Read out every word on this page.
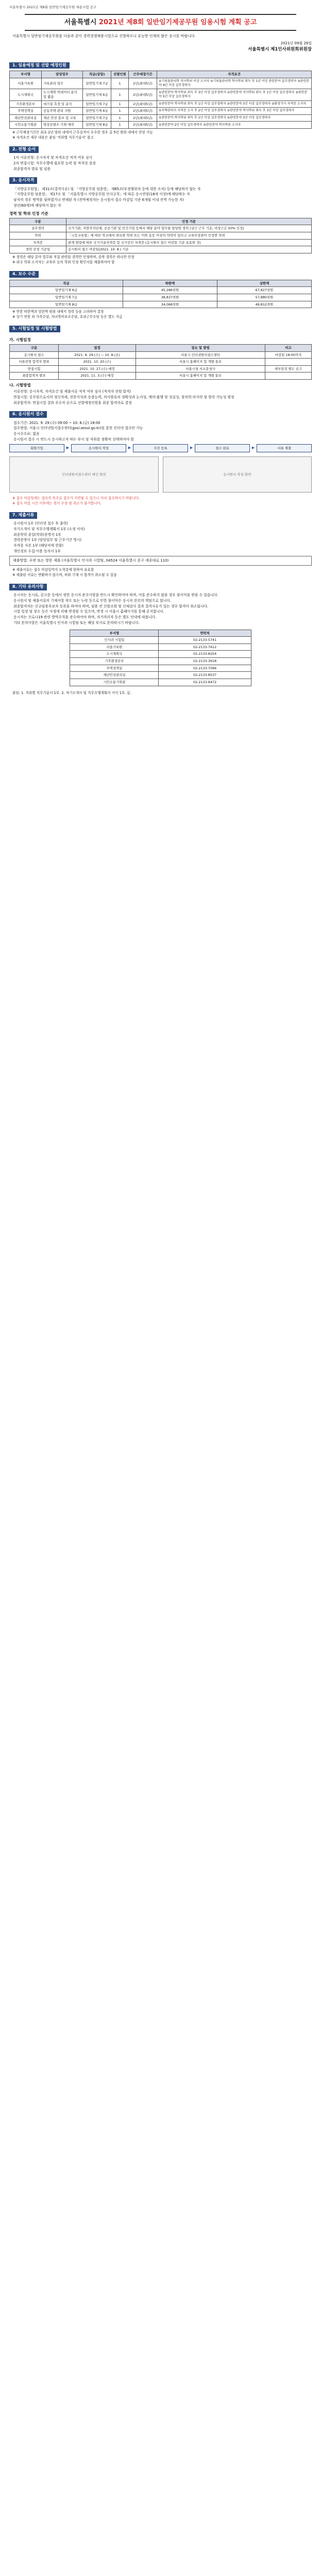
서울특별시 2021년 제8회 일반임기제공무원 채용시험 공고
서울특별시 2021년 제8회 일반임기제공무원 임용시험 계획 공고

서울특별시 일반임기제공무원을 다음과 같이 경력경쟁채용시험으로 선발하오니 유능한 인재의 많은 응시를 바랍니다.

2021년 09월 29일
서울특별시 제1인사위원회위원장
1. 임용예정 및 선발 예정인원
부서명	담당업무	직급(상당)	선발인원	근무예정기간	자격요건
서울기록원	기록관리 업무	일반임기제 7급	1	2년(최대5년)	①기록물관리학 석사학위 이상 소지자 ②기록물관리학 학사학위 취득 후 1년 이상 관련분야 실무경력자 ③관련분야 4년 이상 실무경력자
도시계획국	도시계획 빅데이터 분석 및 활용	일반임기제 6급	1	2년(최대5년)	①관련분야 학사학위 취득 후 3년 이상 실무경력자 ②관련분야 석사학위 취득 후 1년 이상 실무경력자 ③관련분야 5년 이상 실무경력자
기후환경본부	대기질 측정 및 분석	일반임기제 7급	1	2년(최대5년)	①관련분야 학사학위 취득 후 1년 이상 실무경력자 ②관련분야 3년 이상 실무경력자 ③환경기사 자격증 소지자
주택정책실	공동주택 관리 지원	일반임기제 6급	1	2년(최대5년)	①주택관리사 자격증 소지 후 2년 이상 실무경력자 ②관련분야 학사학위 취득 후 3년 이상 실무경력자
재난안전관리실	재난 안전 홍보 및 교육	일반임기제 7급	1	2년(최대5년)	①관련분야 학사학위 취득 후 1년 이상 실무경력자 ②관련분야 3년 이상 실무경력자
시민소통기획관	영상콘텐츠 기획·제작	일반임기제 8급	1	2년(최대5년)	①관련분야 2년 이상 실무경력자 ②관련분야 학사학위 소지자

※ 근무예정기간은 최초 2년 범위 내에서 근무실적이 우수한 경우 총 5년 범위 내에서 연장 가능

※ 자격요건 세부 내용은 붙임 '직위별 직무기술서' 참고

2. 전형 순서

1차 서류전형: 응시자격 및 자격요건 적격 여부 심사

2차 면접시험: 직무수행에 필요한 능력 및 적격성 검정

최종합격자 발표 및 임용

3. 응시자격

「지방공무원법」 제31조(결격사유) 및 「지방공무원 임용령」 제65조(부정행위자 등에 대한 조치) 등에 해당하지 않는 자

「지방공무원 임용령」 제17조 및 「서울특별시 지방공무원 인사규칙」에 따른 응시연령(18세 이상)에 해당하는 자

남자의 경우 병역을 필하였거나 면제된 자 (전역예정자는 응시원서 접수 마감일 기준 6개월 이내 전역 가능한 자)

정년(60세)에 해당하지 않는 자

경력 및 학위 인정 기준
구분	인정 기준
실무경력	국가기관, 지방자치단체, 공공기관 및 민간기업 등에서 해당 분야 업무를 담당한 경력 (상근 근무 기준, 비상근은 50% 인정)
학위	「고등교육법」에 따른 학교에서 취득한 학위 또는 이와 동등 이상의 학력이 있다고 교육부장관이 인정한 학위
자격증	관계 법령에 따른 국가기술자격증 및 국가공인 자격증 (응시원서 접수 마감일 기준 유효한 것)
경력 산정 기준일	응시원서 접수 마감일(2021. 10. 8.) 기준

※ 경력은 해당 분야 업무와 직접 관련된 경력만 인정하며, 중복 경력은 하나만 인정

※ 외국 학위 소지자는 교육부 등의 학위 인정 확인서를 제출하여야 함

4. 보수 수준
직급	하한액	상한액
일반임기제 6급	45,286천원	67,827천원
일반임기제 7급	38,837천원	57,880천원
일반임기제 8급	34,066천원	49,812천원

※ 연봉 하한액과 상한액 범위 내에서 경력 등을 고려하여 결정

※ 상기 연봉 외 가족수당, 자녀학비보조수당, 초과근무수당 등은 별도 지급

5. 시험일정 및 시험방법
가. 시험일정
구분	일정	장소 및 방법	비고
응시원서 접수	2021. 9. 29.(수) ~ 10. 8.(금)	서울시 인터넷원서접수센터	마감일 18:00까지
서류전형 합격자 발표	2021. 10. 20.(수)	서울시 홈페이지 및 개별 통보	
면접시험	2021. 10. 27.(수) 예정	서울시청 서소문청사	세부일정 별도 공고
최종합격자 발표	2021. 11. 3.(수) 예정	서울시 홈페이지 및 개별 통보	
나. 시험방법

서류전형: 응시자격, 자격요건 및 제출서류 적격 여부 심사 (적격자 전원 합격)

면접시험: 공무원으로서의 정신자세, 전문지식과 응용능력, 의사발표의 정확성과 논리성, 예의·품행 및 성실성, 창의력·의지력 및 발전 가능성 평정

최종합격자: 면접시험 결과 우수자 순으로 선발예정인원을 최종 합격자로 결정

6. 응시원서 접수

접수기간: 2021. 9. 29.(수) 09:00 ~ 10. 8.(금) 18:00

접수방법: 서울시 인터넷원서접수센터(gosi.seoul.go.kr)를 통한 인터넷 접수만 가능

응시수수료: 없음

응시원서 접수 시 반드시 응시하고자 하는 부서 및 직위를 정확히 선택하여야 함

회원가입	▶	응시원서 작성	▶	사진 등록	▶	접수 완료	▶	서류 제출
인터넷원서접수센터 메인 화면	응시원서 작성 화면

※ 접수 마감일에는 접속자 폭주로 접수가 지연될 수 있으니 미리 접수하시기 바랍니다.

※ 접수 마감 시간 이후에는 원서 수정 및 취소가 불가합니다.

7. 제출서류

응시원서 1부 (인터넷 접수 후 출력)

자기소개서 및 직무수행계획서 1부 (소정 서식)

최종학력 졸업(학위)증명서 1부

경력증명서 1부 (담당업무 및 근무기간 명시)

자격증 사본 1부 (해당자에 한함)

개인정보 수집·이용 동의서 1부

제출방법: 우편 또는 방문 제출 (서울특별시 인사과 시험팀, 04524 서울특별시 중구 세종대로 110)

※ 제출서류는 접수 마감일까지 도착분에 한하여 유효함

※ 제출된 서류는 반환하지 않으며, 허위 기재 시 합격이 취소될 수 있음

8. 기타 유의사항

응시자는 응시표, 공고문 등에서 정한 응시자 준수사항을 반드시 확인하여야 하며, 이를 준수하지 않을 경우 불이익을 받을 수 있습니다.

응시원서 및 제출서류의 기재사항 착오 또는 누락 등으로 인한 불이익은 응시자 본인의 책임으로 합니다.

최종합격자는 신규임용후보자 등록을 하여야 하며, 임용 전 신원조회 및 신체검사 결과 결격사유가 있는 경우 합격이 취소됩니다.

시험 일정 및 장소 등은 사정에 의해 변경될 수 있으며, 변경 시 서울시 홈페이지를 통해 공지합니다.

응시자는 코로나19 관련 방역수칙을 준수하여야 하며, 자가격리자 등은 별도 안내에 따릅니다.

기타 문의사항은 서울특별시 인사과 시험팀 또는 해당 부서로 문의하시기 바랍니다.

부서명	연락처
인사과 시험팀	02-2133-5741
서울기록원	02-2133-7612
도시계획국	02-2133-8254
기후환경본부	02-2133-3618
주택정책실	02-2133-7046
재난안전관리실	02-2133-8537
시민소통기획관	02-2133-6472

붙임: 1. 직위별 직무기술서 1부. 2. 자기소개서 및 직무수행계획서 서식 1부. 끝.
